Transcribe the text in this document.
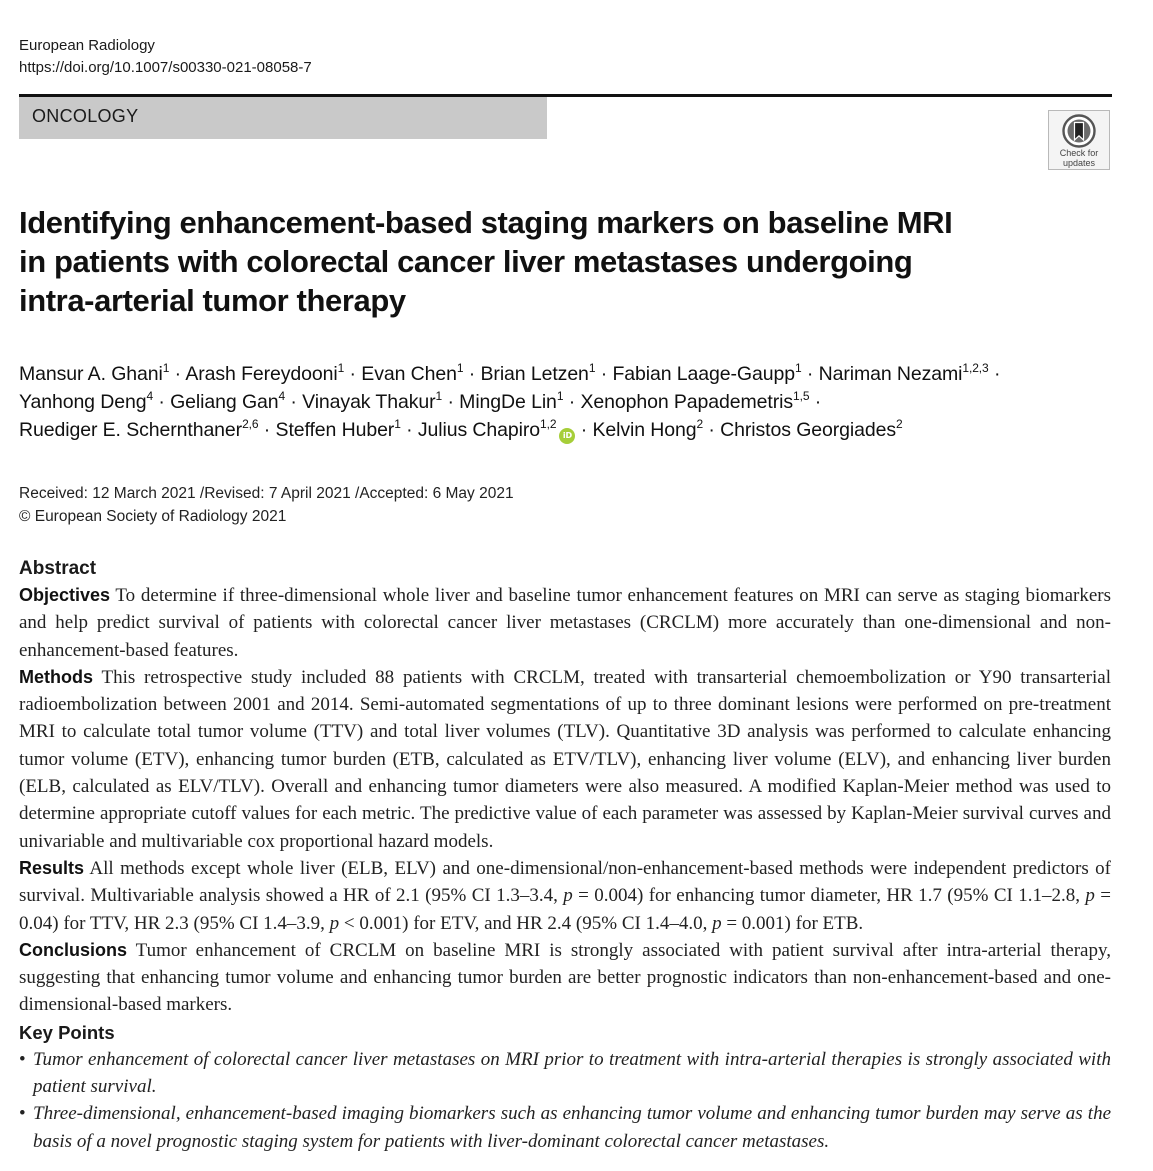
European Radiology
https://doi.org/10.1007/s00330-021-08058-7
ONCOLOGY
Check for
updates
Identifying enhancement-based staging markers on baseline MRI
in patients with colorectal cancer liver metastases undergoing
intra-arterial tumor therapy
Mansur A. Ghani$^1$ · Arash Fereydooni$^1$ · Evan Chen$^1$ · Brian Letzen$^1$ · Fabian Laage-Gaupp$^1$ · Nariman Nezami$^{1,2,3}$ ·
Yanhong Deng$^4$ · Geliang Gan$^4$ · Vinayak Thakur$^1$ · MingDe Lin$^1$ · Xenophon Papademetris$^{1,5}$ ·
Ruediger E. Schernthaner$^{2,6}$ · Steffen Huber$^1$ · Julius Chapiro$^{1,2}$iD · Kelvin Hong$^2$ · Christos Georgiades$^2$
Received: 12 March 2021 /Revised: 7 April 2021 /Accepted: 6 May 2021
© European Society of Radiology 2021
Abstract

Objectives To determine if three-dimensional whole liver and baseline tumor enhancement features on MRI can serve as staging biomarkers and help predict survival of patients with colorectal cancer liver metastases (CRCLM) more accurately than one-dimensional and non-enhancement-based features.

Methods This retrospective study included 88 patients with CRCLM, treated with transarterial chemoembolization or Y90 transarterial radioembolization between 2001 and 2014. Semi-automated segmentations of up to three dominant lesions were performed on pre-treatment MRI to calculate total tumor volume (TTV) and total liver volumes (TLV). Quantitative 3D analysis was performed to calculate enhancing tumor volume (ETV), enhancing tumor burden (ETB, calculated as ETV/TLV), enhancing liver volume (ELV), and enhancing liver burden (ELB, calculated as ELV/TLV). Overall and enhancing tumor diameters were also measured. A modified Kaplan-Meier method was used to determine appropriate cutoff values for each metric. The predictive value of each parameter was assessed by Kaplan-Meier survival curves and univariable and multivariable cox proportional hazard models.

Results All methods except whole liver (ELB, ELV) and one-dimensional/non-enhancement-based methods were independent predictors of survival. Multivariable analysis showed a HR of 2.1 (95% CI 1.3–3.4, p = 0.004) for enhancing tumor diameter, HR 1.7 (95% CI 1.1–2.8, p = 0.04) for TTV, HR 2.3 (95% CI 1.4–3.9, p < 0.001) for ETV, and HR 2.4 (95% CI 1.4–4.0, p = 0.001) for ETB.

Conclusions Tumor enhancement of CRCLM on baseline MRI is strongly associated with patient survival after intra-arterial therapy, suggesting that enhancing tumor volume and enhancing tumor burden are better prognostic indicators than non-enhancement-based and one-dimensional-based markers.

Key Points
• Tumor enhancement of colorectal cancer liver metastases on MRI prior to treatment with intra-arterial therapies is strongly associated with patient survival.
• Three-dimensional, enhancement-based imaging biomarkers such as enhancing tumor volume and enhancing tumor burden may serve as the basis of a novel prognostic staging system for patients with liver-dominant colorectal cancer metastases.
